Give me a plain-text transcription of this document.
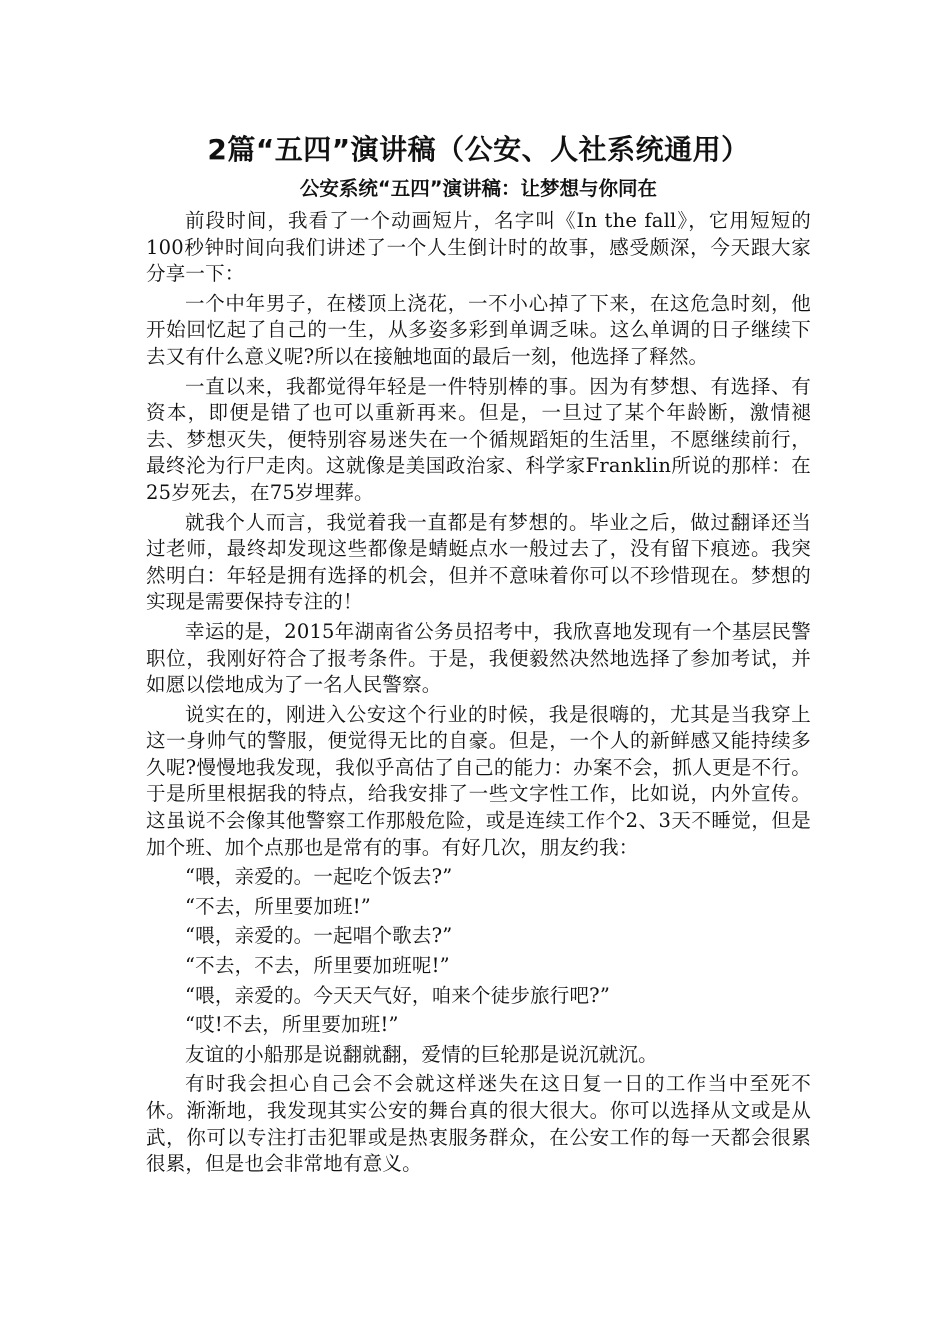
2篇“五四”演讲稿（公安、人社系统通用）
公安系统“五四”演讲稿：让梦想与你同在

前段时间，我看了一个动画短片，名字叫《In the fall》，它用短短的100秒钟时间向我们讲述了一个人生倒计时的故事，感受颇深，今天跟大家分享一下：

一个中年男子，在楼顶上浇花，一不小心掉了下来，在这危急时刻，他开始回忆起了自己的一生，从多姿多彩到单调乏味。这么单调的日子继续下去又有什么意义呢?所以在接触地面的最后一刻，他选择了释然。

一直以来，我都觉得年轻是一件特别棒的事。因为有梦想、有选择、有资本，即便是错了也可以重新再来。但是，一旦过了某个年龄断，激情褪去、梦想灭失，便特别容易迷失在一个循规蹈矩的生活里，不愿继续前行，最终沦为行尸走肉。这就像是美国政治家、科学家Franklin所说的那样：在25岁死去，在75岁埋葬。

就我个人而言，我觉着我一直都是有梦想的。毕业之后，做过翻译还当过老师，最终却发现这些都像是蜻蜓点水一般过去了，没有留下痕迹。我突然明白：年轻是拥有选择的机会，但并不意味着你可以不珍惜现在。梦想的实现是需要保持专注的！

幸运的是，2015年湖南省公务员招考中，我欣喜地发现有一个基层民警职位，我刚好符合了报考条件。于是，我便毅然决然地选择了参加考试，并如愿以偿地成为了一名人民警察。

说实在的，刚进入公安这个行业的时候，我是很嗨的，尤其是当我穿上这一身帅气的警服，便觉得无比的自豪。但是，一个人的新鲜感又能持续多久呢?慢慢地我发现，我似乎高估了自己的能力：办案不会，抓人更是不行。于是所里根据我的特点，给我安排了一些文字性工作，比如说，内外宣传。这虽说不会像其他警察工作那般危险，或是连续工作个2、3天不睡觉，但是加个班、加个点那也是常有的事。有好几次，朋友约我：

“喂，亲爱的。一起吃个饭去?”

“不去，所里要加班!”

“喂，亲爱的。一起唱个歌去?”

“不去，不去，所里要加班呢!”

“喂，亲爱的。今天天气好，咱来个徒步旅行吧?”

“哎!不去，所里要加班!”

友谊的小船那是说翻就翻，爱情的巨轮那是说沉就沉。

有时我会担心自己会不会就这样迷失在这日复一日的工作当中至死不休。渐渐地，我发现其实公安的舞台真的很大很大。你可以选择从文或是从武，你可以专注打击犯罪或是热衷服务群众，在公安工作的每一天都会很累很累，但是也会非常地有意义。
